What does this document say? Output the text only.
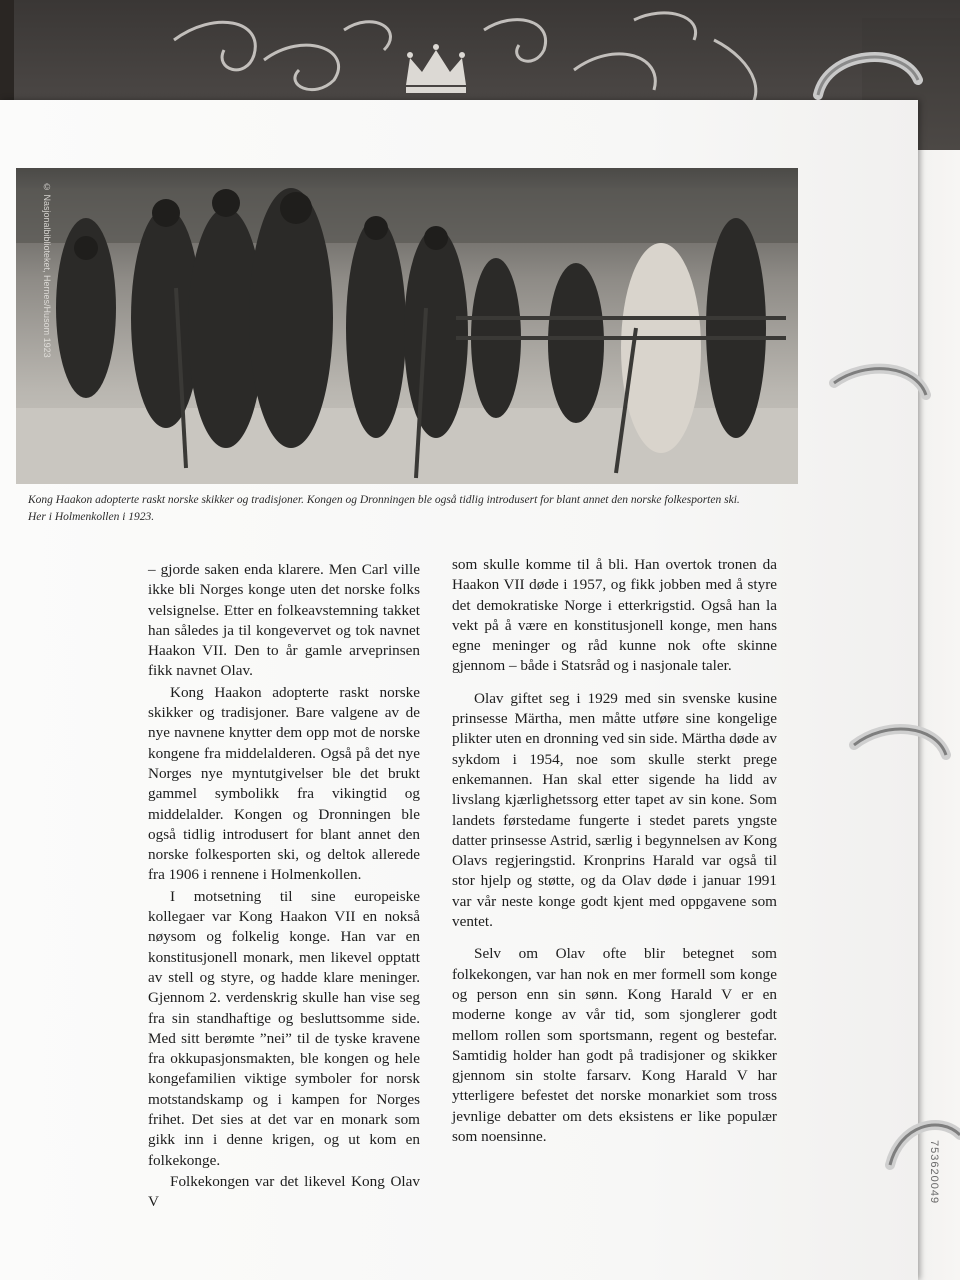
© Nasjonalbiblioteket, Hernes/Husom 1923
Kong Haakon adopterte raskt norske skikker og tradisjoner. Kongen og Dronningen ble også tidlig introdusert for blant annet den norske folkesporten ski.
Her i Holmenkollen i 1923.

– gjorde saken enda klarere. Men Carl ville ikke bli Norges konge uten det norske folks velsignelse. Etter en folkeavstemning takket han således ja til kongevervet og tok navnet Haakon VII. Den to år gamle arveprinsen fikk navnet Olav.

Kong Haakon adopterte raskt norske skikker og tradisjoner. Bare valgene av de nye navnene knytter dem opp mot de norske kongene fra middelalderen. Også på det nye Norges nye myntutgivelser ble det brukt gammel symbolikk fra vikingtid og middelalder. Kongen og Dronningen ble også tidlig introdusert for blant annet den norske folkesporten ski, og deltok allerede fra 1906 i rennene i Holmenkollen.

I motsetning til sine europeiske kollegaer var Kong Haakon VII en nokså nøysom og folkelig konge. Han var en konstitusjonell monark, men likevel opptatt av stell og styre, og hadde klare meninger. Gjennom 2. verdenskrig skulle han vise seg fra sin standhaftige og besluttsomme side. Med sitt berømte ”nei” til de tyske kravene fra okkupasjonsmakten, ble kongen og hele kongefamilien viktige symboler for norsk motstandskamp og i kampen for Norges frihet. Det sies at det var en monark som gikk inn i denne krigen, og ut kom en folkekonge.

Folkekongen var det likevel Kong Olav V

som skulle komme til å bli. Han overtok tronen da Haakon VII døde i 1957, og fikk jobben med å styre det demokratiske Norge i etterkrigstid. Også han la vekt på å være en konstitusjonell konge, men hans egne meninger og råd kunne nok ofte skinne gjennom – både i Statsråd og i nasjonale taler.

Olav giftet seg i 1929 med sin svenske kusine prinsesse Märtha, men måtte utføre sine kongelige plikter uten en dronning ved sin side. Märtha døde av sykdom i 1954, noe som skulle sterkt prege enkemannen. Han skal etter sigende ha lidd av livslang kjærlighetssorg etter tapet av sin kone. Som landets førstedame fungerte i stedet parets yngste datter prinsesse Astrid, særlig i begynnelsen av Kong Olavs regjeringstid. Kronprins Harald var også til stor hjelp og støtte, og da Olav døde i januar 1991 var vår neste konge godt kjent med oppgavene som ventet.

Selv om Olav ofte blir betegnet som folkekongen, var han nok en mer formell som konge og person enn sin sønn. Kong Harald V er en moderne konge av vår tid, som sjonglerer godt mellom rollen som sportsmann, regent og bestefar. Samtidig holder han godt på tradisjoner og skikker gjennom sin stolte farsarv. Kong Harald V har ytterligere befestet det norske monarkiet som tross jevnlige debatter om dets eksistens er like populær som noensinne.

753620049
